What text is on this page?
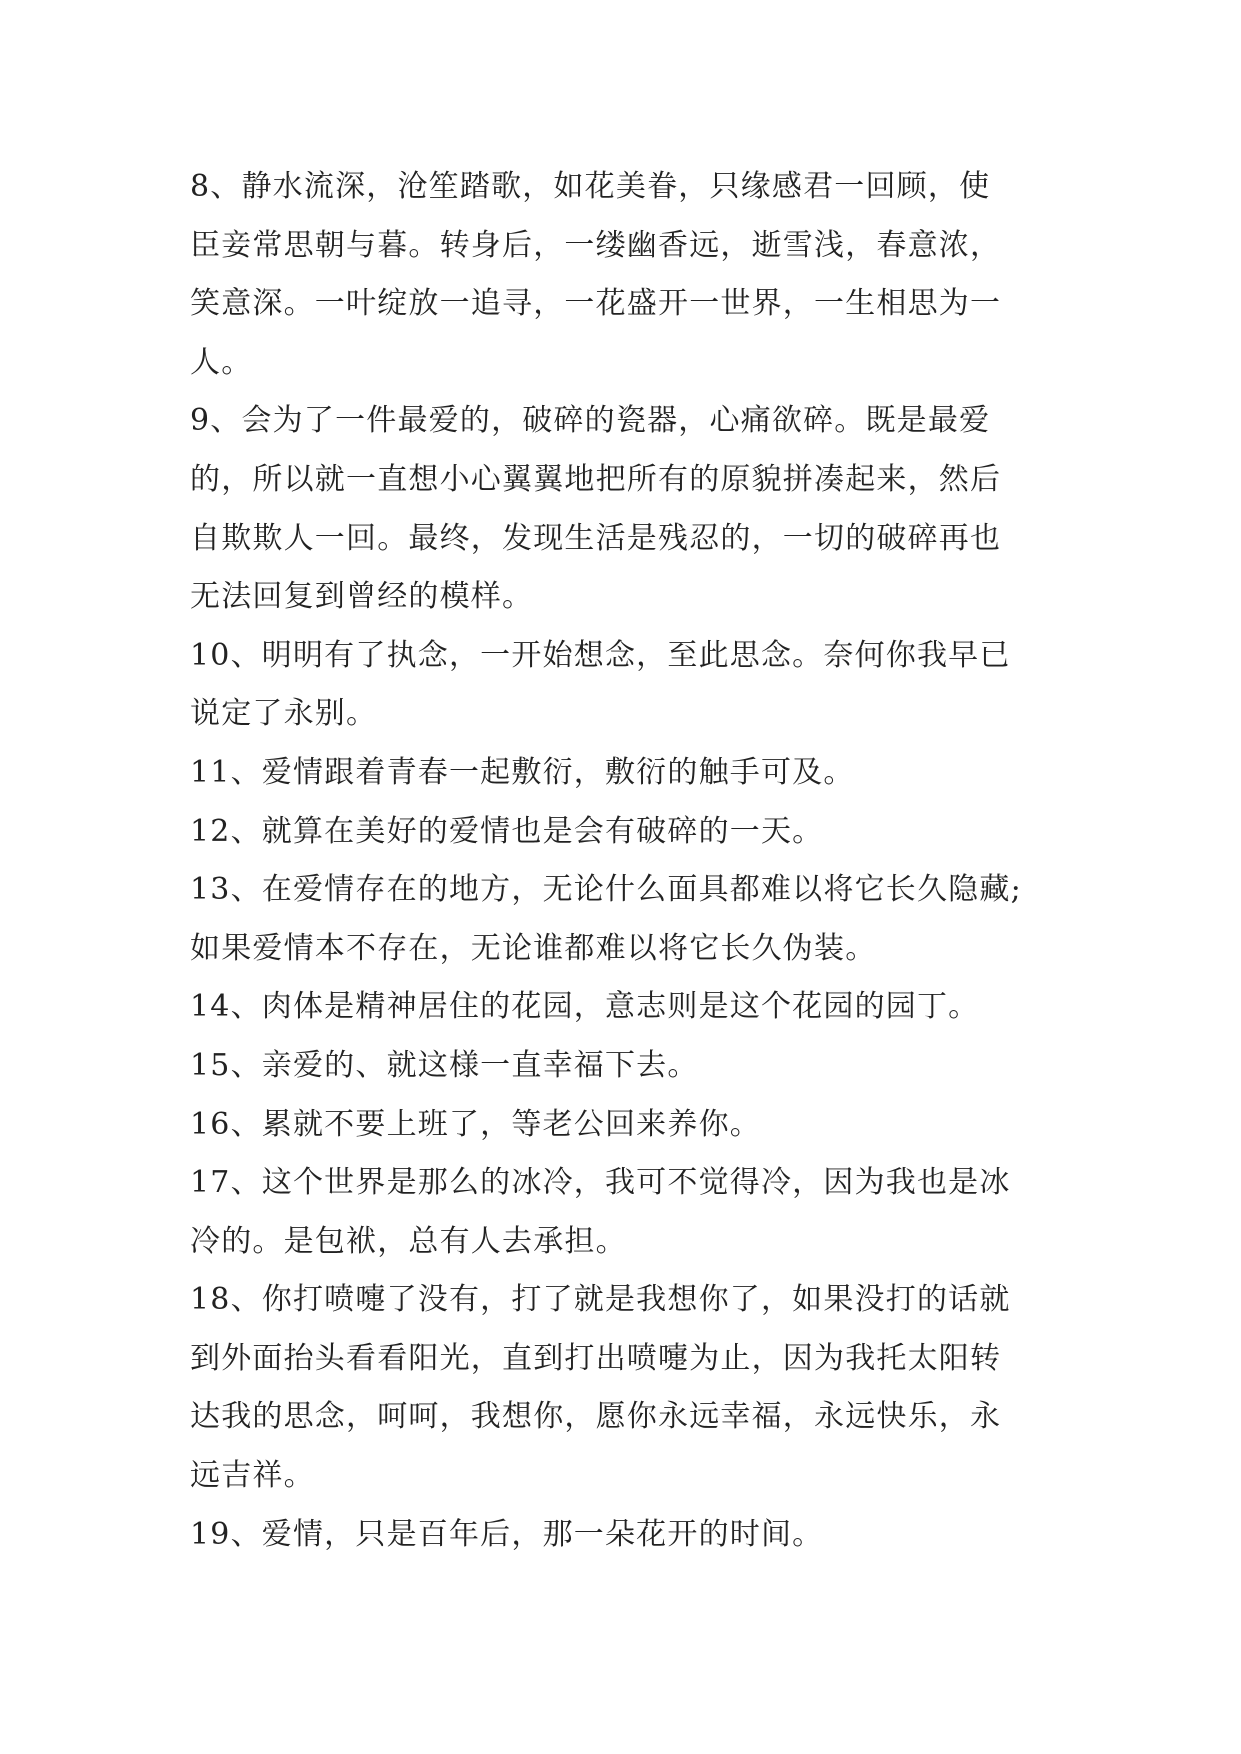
8、静水流深，沧笙踏歌，如花美眷，只缘感君一回顾，使
臣妾常思朝与暮。转身后，一缕幽香远，逝雪浅，春意浓，
笑意深。一叶绽放一追寻，一花盛开一世界，一生相思为一
人。
9、会为了一件最爱的，破碎的瓷器，心痛欲碎。既是最爱
的，所以就一直想小心翼翼地把所有的原貌拼凑起来，然后
自欺欺人一回。最终，发现生活是残忍的，一切的破碎再也
无法回复到曾经的模样。
10、明明有了执念，一开始想念，至此思念。奈何你我早已
说定了永别。
11、爱情跟着青春一起敷衍，敷衍的触手可及。
12、就算在美好的爱情也是会有破碎的一天。
13、在爱情存在的地方，无论什么面具都难以将它长久隐藏;
如果爱情本不存在，无论谁都难以将它长久伪装。
14、肉体是精神居住的花园，意志则是这个花园的园丁。
15、亲爱的、就这様一直幸福下去。
16、累就不要上班了，等老公回来养你。
17、这个世界是那么的冰冷，我可不觉得冷，因为我也是冰
冷的。是包袱，总有人去承担。
18、你打喷嚏了没有，打了就是我想你了，如果没打的话就
到外面抬头看看阳光，直到打出喷嚏为止，因为我托太阳转
达我的思念，呵呵，我想你，愿你永远幸福，永远快乐，永
远吉祥。
19、爱情，只是百年后，那一朵花开的时间。
